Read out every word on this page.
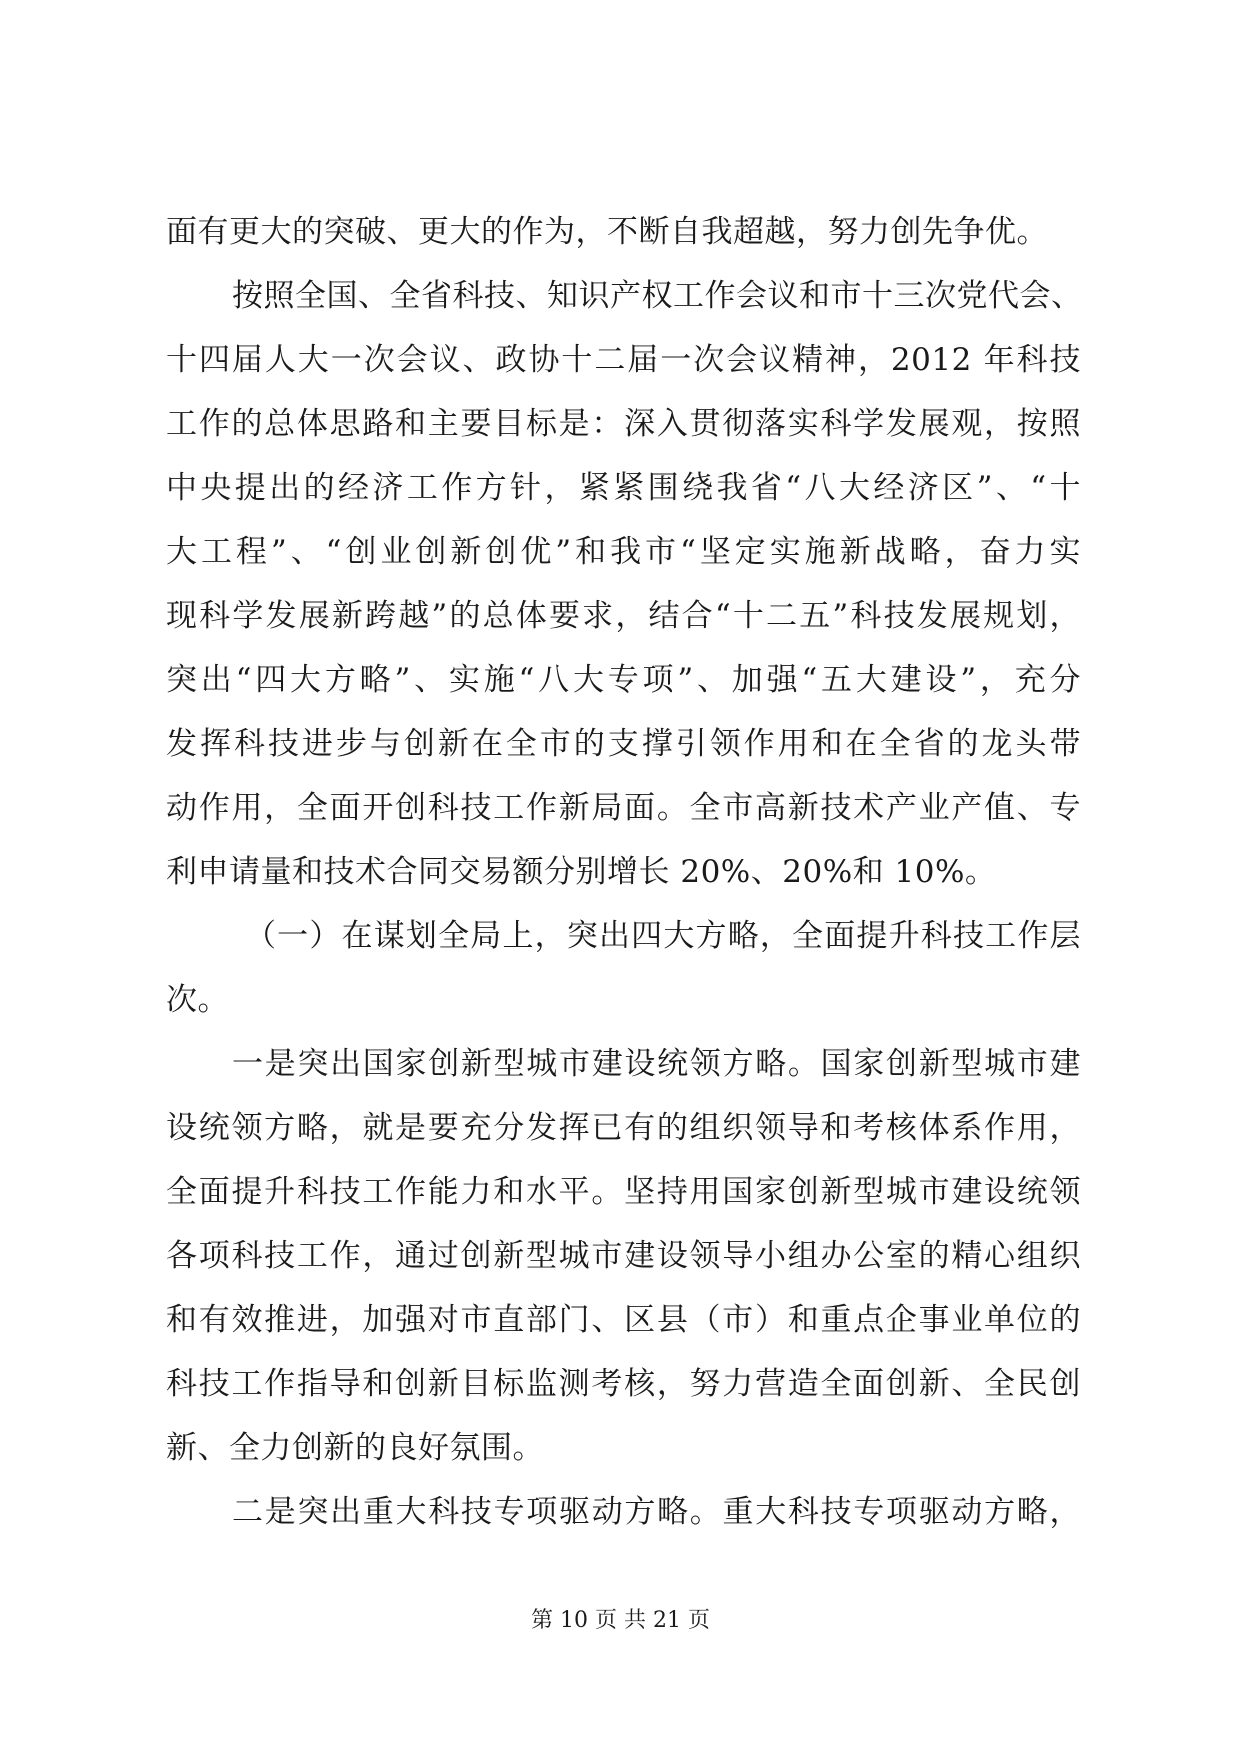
面有更大的突破、更大的作为，不断自我超越，努力创先争优。
按照全国、全省科技、知识产权工作会议和市十三次党代会、
十四届人大一次会议、政协十二届一次会议精神，2012 年科技
工作的总体思路和主要目标是：深入贯彻落实科学发展观，按照
中央提出的经济工作方针，紧紧围绕我省“八大经济区”、“十
大工程”、“创业创新创优”和我市“坚定实施新战略，奋力实
现科学发展新跨越”的总体要求，结合“十二五”科技发展规划，
突出“四大方略”、实施“八大专项”、加强“五大建设”，充分
发挥科技进步与创新在全市的支撑引领作用和在全省的龙头带
动作用，全面开创科技工作新局面。全市高新技术产业产值、专
利申请量和技术合同交易额分别增长 20%、20%和 10%。
（一）在谋划全局上，突出四大方略，全面提升科技工作层
次。
一是突出国家创新型城市建设统领方略。国家创新型城市建
设统领方略，就是要充分发挥已有的组织领导和考核体系作用，
全面提升科技工作能力和水平。坚持用国家创新型城市建设统领
各项科技工作，通过创新型城市建设领导小组办公室的精心组织
和有效推进，加强对市直部门、区县（市）和重点企事业单位的
科技工作指导和创新目标监测考核，努力营造全面创新、全民创
新、全力创新的良好氛围。
二是突出重大科技专项驱动方略。重大科技专项驱动方略，
第 10 页 共 21 页
